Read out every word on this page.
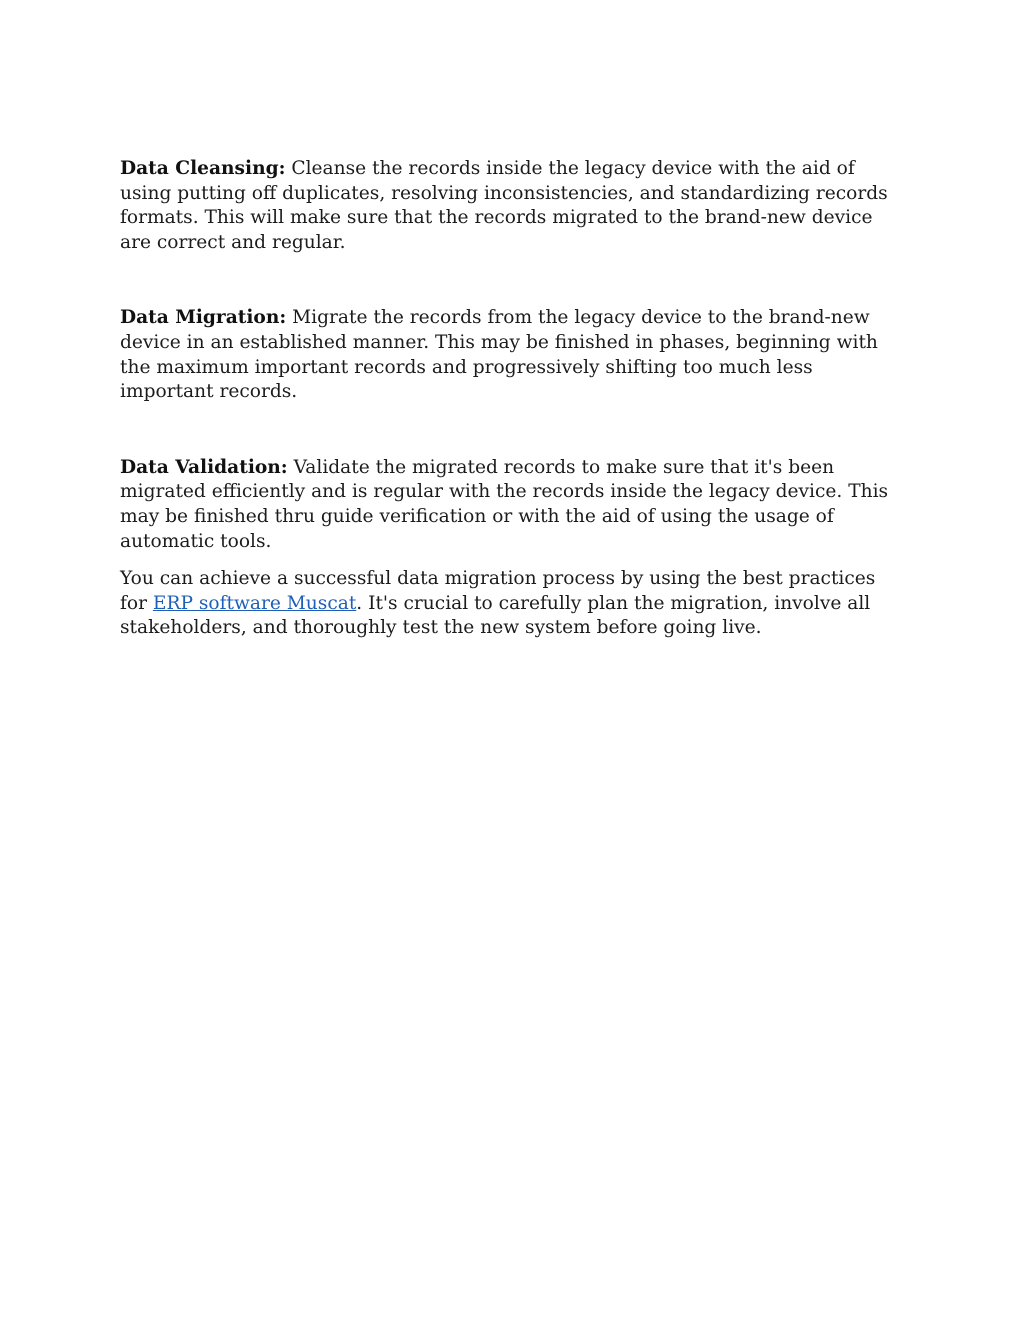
Data Cleansing: Cleanse the records inside the legacy device with the aid of using putting off duplicates, resolving inconsistencies, and standardizing records formats. This will make sure that the records migrated to the brand-new device are correct and regular.

Data Migration: Migrate the records from the legacy device to the brand-new device in an established manner. This may be finished in phases, beginning with the maximum important records and progressively shifting too much less important records.

Data Validation: Validate the migrated records to make sure that it's been migrated efficiently and is regular with the records inside the legacy device. This may be finished thru guide verification or with the aid of using the usage of automatic tools.

You can achieve a successful data migration process by using the best practices for ERP software Muscat. It's crucial to carefully plan the migration, involve all stakeholders, and thoroughly test the new system before going live.
